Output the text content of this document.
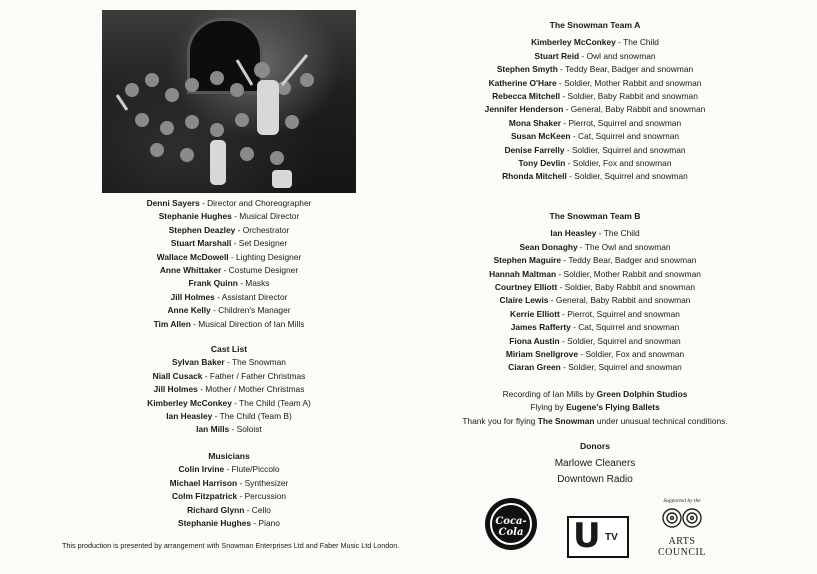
Denni Sayers - Director and Choreographer
Stephanie Hughes - Musical Director
Stephen Deazley - Orchestrator
Stuart Marshall - Set Designer
Wallace McDowell - Lighting Designer
Anne Whittaker - Costume Designer
Frank Quinn - Masks
Jill Holmes - Assistant Director
Anne Kelly - Children's Manager
Tim Allen - Musical Direction of Ian Mills
Cast List
Sylvan Baker - The Snowman
Niall Cusack - Father / Father Christmas
Jill Holmes - Mother / Mother Christmas
Kimberley McConkey - The Child (Team A)
Ian Heasley - The Child (Team B)
Ian Mills - Soloist
Musicians
Colin Irvine - Flute/Piccolo
Michael Harrison - Synthesizer
Colm Fitzpatrick - Percussion
Richard Glynn - Cello
Stephanie Hughes - Piano
This production is presented by arrangement with Snowman Enterprises Ltd and Faber Music Ltd London.
The Snowman Team A
Kimberley McConkey - The Child
Stuart Reid - Owl and snowman
Stephen Smyth - Teddy Bear, Badger and snowman
Katherine O'Hare - Soldier, Mother Rabbit and snowman
Rebecca Mitchell - Soldier, Baby Rabbit and snowman
Jennifer Henderson - General, Baby Rabbit and snowman
Mona Shaker - Pierrot, Squirrel and snowman
Susan McKeen - Cat, Squirrel and snowman
Denise Farrelly - Soldier, Squirrel and snowman
Tony Devlin - Soldier, Fox and snowman
Rhonda Mitchell - Soldier, Squirrel and snowman
The Snowman Team B
Ian Heasley - The Child
Sean Donaghy - The Owl and snowman
Stephen Maguire - Teddy Bear, Badger and snowman
Hannah Maltman - Soldier, Mother Rabbit and snowman
Courtney Elliott - Soldier, Baby Rabbit and snowman
Claire Lewis - General, Baby Rabbit and snowman
Kerrie Elliott - Pierrot, Squirrel and snowman
James Rafferty - Cat, Squirrel and snowman
Fiona Austin - Soldier, Squirrel and snowman
Miriam Snellgrove - Soldier, Fox and snowman
Ciaran Green - Soldier, Squirrel and snowman
Recording of Ian Mills by Green Dolphin Studios
Flying by Eugene's Flying Ballets
Thank you for flying The Snowman under unusual technical conditions.
Donors
Marlowe Cleaners
Downtown Radio
Coca-Cola	U TV
Supported by the
ARTS
COUNCIL
